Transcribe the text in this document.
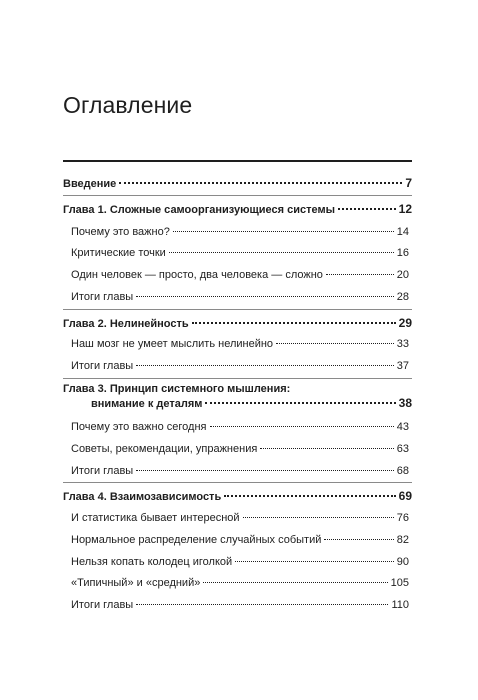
Оглавление
Введение	7
Глава 1. Сложные самоорганизующиеся системы	12
Почему это важно?	14
Критические точки	16
Один человек — просто, два человека — сложно	20
Итоги главы	28
Глава 2. Нелинейность	29
Наш мозг не умеет мыслить нелинейно	33
Итоги главы	37
Глава 3. Принцип системного мышления:
внимание к деталям	38
Почему это важно сегодня	43
Советы, рекомендации, упражнения	63
Итоги главы	68
Глава 4. Взаимозависимость	69
И статистика бывает интересной	76
Нормальное распределение случайных событий	82
Нельзя копать колодец иголкой	90
«Типичный» и «средний»	105
Итоги главы	110
